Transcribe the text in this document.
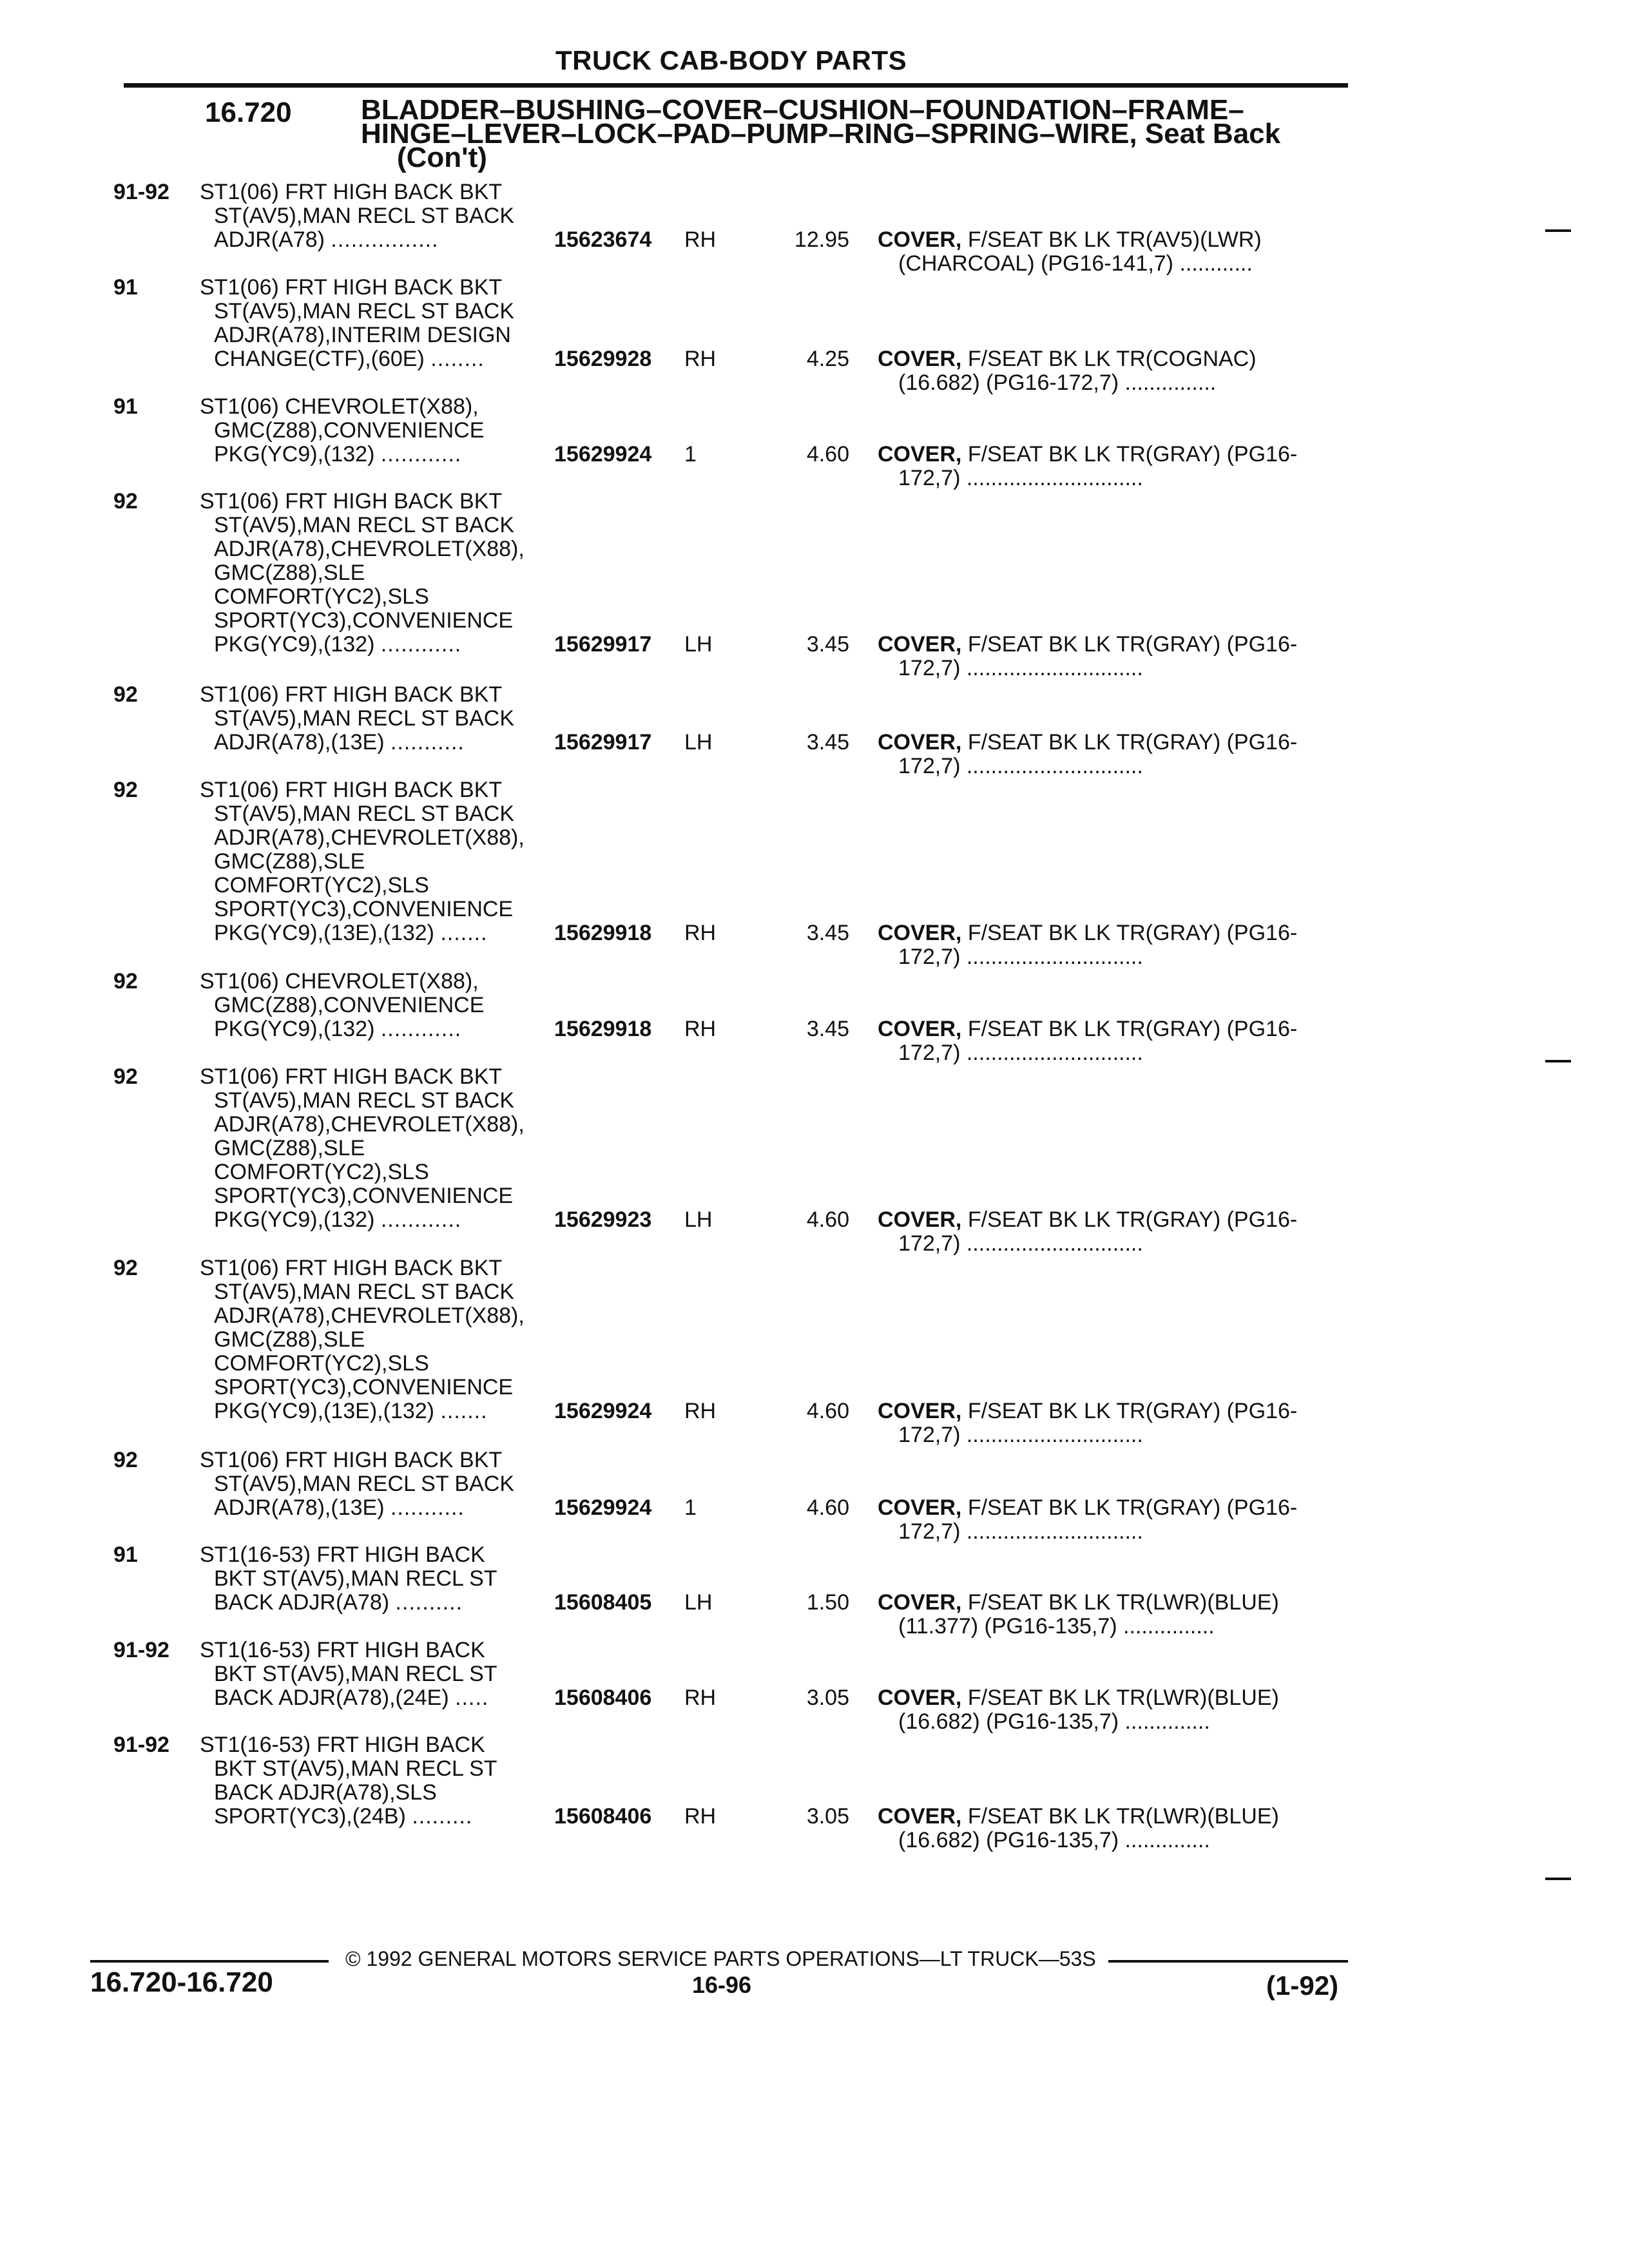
TRUCK CAB-BODY PARTS
16.720 BLADDER–BUSHING–COVER–CUSHION–FOUNDATION–FRAME–
HINGE–LEVER–LOCK–PAD–PUMP–RING–SPRING–WIRE, Seat Back
(Con't)
91-92 ST1(06) FRT HIGH BACK BKT
ST(AV5),MAN RECL ST BACK
ADJR(A78) ................	15623674 RH	12.95 COVER, F/SEAT BK LK TR(AV5)(LWR)
(CHARCOAL) (PG16-141,7) ............
91	ST1(06) FRT HIGH BACK BKT
ST(AV5),MAN RECL ST BACK
ADJR(A78),INTERIM DESIGN
CHANGE(CTF),(60E) ........	15629928 RH	4.25 COVER, F/SEAT BK LK TR(COGNAC)
(16.682) (PG16-172,7) ...............
91	ST1(06) CHEVROLET(X88),
GMC(Z88),CONVENIENCE
PKG(YC9),(132) ............	15629924 1	4.60 COVER, F/SEAT BK LK TR(GRAY) (PG16-
172,7) .............................
92	ST1(06) FRT HIGH BACK BKT
ST(AV5),MAN RECL ST BACK
ADJR(A78),CHEVROLET(X88),
GMC(Z88),SLE
COMFORT(YC2),SLS
SPORT(YC3),CONVENIENCE
PKG(YC9),(132) ............	15629917 LH	3.45 COVER, F/SEAT BK LK TR(GRAY) (PG16-
172,7) .............................
92	ST1(06) FRT HIGH BACK BKT
ST(AV5),MAN RECL ST BACK
ADJR(A78),(13E) ...........	15629917 LH	3.45 COVER, F/SEAT BK LK TR(GRAY) (PG16-
172,7) .............................
92	ST1(06) FRT HIGH BACK BKT
ST(AV5),MAN RECL ST BACK
ADJR(A78),CHEVROLET(X88),
GMC(Z88),SLE
COMFORT(YC2),SLS
SPORT(YC3),CONVENIENCE
PKG(YC9),(13E),(132) .......	15629918 RH	3.45 COVER, F/SEAT BK LK TR(GRAY) (PG16-
172,7) .............................
92	ST1(06) CHEVROLET(X88),
GMC(Z88),CONVENIENCE
PKG(YC9),(132) ............	15629918 RH	3.45 COVER, F/SEAT BK LK TR(GRAY) (PG16-
172,7) .............................
92	ST1(06) FRT HIGH BACK BKT
ST(AV5),MAN RECL ST BACK
ADJR(A78),CHEVROLET(X88),
GMC(Z88),SLE
COMFORT(YC2),SLS
SPORT(YC3),CONVENIENCE
PKG(YC9),(132) ............	15629923 LH	4.60 COVER, F/SEAT BK LK TR(GRAY) (PG16-
172,7) .............................
92	ST1(06) FRT HIGH BACK BKT
ST(AV5),MAN RECL ST BACK
ADJR(A78),CHEVROLET(X88),
GMC(Z88),SLE
COMFORT(YC2),SLS
SPORT(YC3),CONVENIENCE
PKG(YC9),(13E),(132) .......	15629924 RH	4.60 COVER, F/SEAT BK LK TR(GRAY) (PG16-
172,7) .............................
92	ST1(06) FRT HIGH BACK BKT
ST(AV5),MAN RECL ST BACK
ADJR(A78),(13E) ...........	15629924 1	4.60 COVER, F/SEAT BK LK TR(GRAY) (PG16-
172,7) .............................
91	ST1(16-53) FRT HIGH BACK
BKT ST(AV5),MAN RECL ST
BACK ADJR(A78) ..........	15608405 LH	1.50 COVER, F/SEAT BK LK TR(LWR)(BLUE)
(11.377) (PG16-135,7) ...............
91-92 ST1(16-53) FRT HIGH BACK
BKT ST(AV5),MAN RECL ST
BACK ADJR(A78),(24E) .....	15608406 RH	3.05 COVER, F/SEAT BK LK TR(LWR)(BLUE)
(16.682) (PG16-135,7) ..............
91-92 ST1(16-53) FRT HIGH BACK
BKT ST(AV5),MAN RECL ST
BACK ADJR(A78),SLS
SPORT(YC3),(24B) .........	15608406 RH	3.05 COVER, F/SEAT BK LK TR(LWR)(BLUE)
(16.682) (PG16-135,7) ..............
© 1992 GENERAL MOTORS SERVICE PARTS OPERATIONS—LT TRUCK—53S
16.720-16.720	16-96	(1-92)
